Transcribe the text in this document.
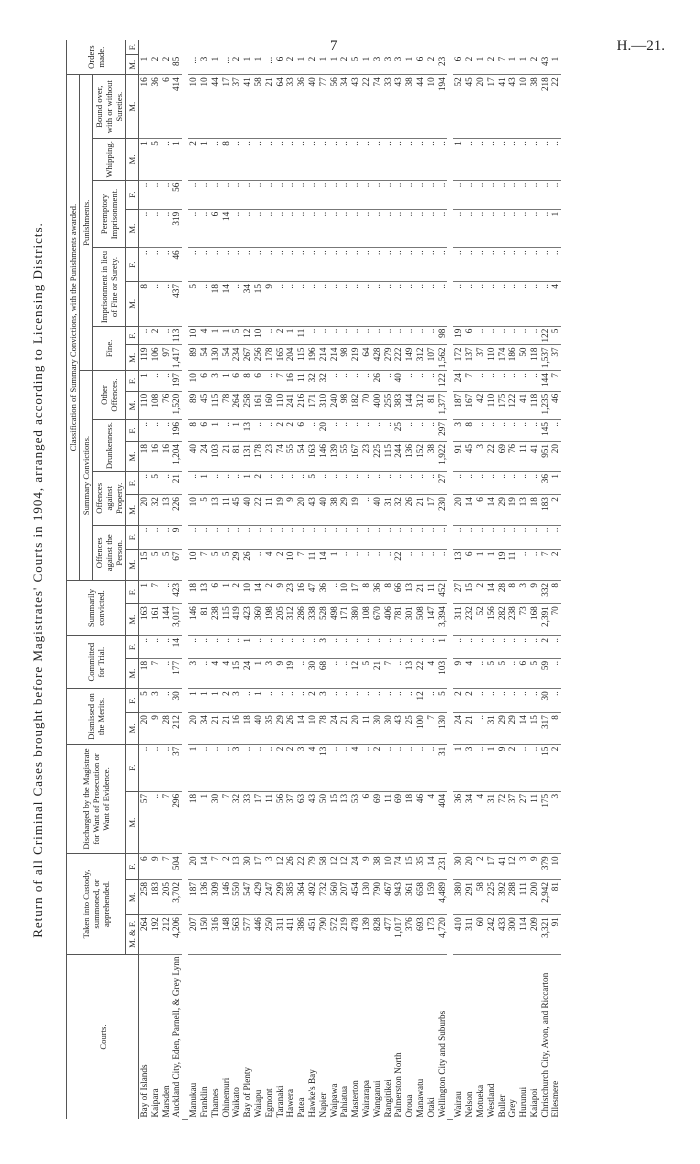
7	H.—21.
Return of all Criminal Cases brought before Magistrates' Courts in 1904, arranged according to Licensing Districts.
Courts.	Taken into Custody, summoned, or apprehended.			Discharged by the Magistrate for Want of Prosecution or Want of Evidence.		Dismissed on the Merits.		Committed for Trial.		Summarily convicted.		Classification of Summary Convictions, with the Punishments awarded.																Orders made.	
												Summary Convictions.								Punishments.									
												Offences against the Person.		Offences against Property.		Drunkenness.		Other Offences.		Fine.		Imprisonment in lieu of Fine or Surety.		Peremptory Imprisonment.		Whipping.	Bound over, with or without Sureties.		
	M. & F.	M.	F.	M.	F.	M.	F.	M.	F.	M.	F.	M.	F.	M.	F.	M.	F.	M.	F.	M.	F.	M.	F.	M.	F.	M.	M.	M.	F.
Bay of Islands	264	258	6	57	..	20	5	18	..	163	1	15	..	20	..	18	..	110	1	119	..	8	..	..	..	1	16	1	
Kaipara	192	183	9	..	..	9	3	7	..	161	7	5	..	32	5	16	..	108	..	106	2	..	..	..	..	5	36	2	
Marsden	212	205	7	7	..	28	..	..	..	144	..	5	..	13	..	16	..	76	..	97	..	..	..	..	..	..	6	2	
Auckland City, Eden, Parnell, & Grey Lynn	4,206	3,702	504	296	37	212	30	177	14	3,017	423	67	9	226	21	1,204	196	1,520	197	1,417	113	437	46	319	56	1	414	85	

Manukau	207	187	20	18	1	20	1	3	..	146	18	10	..	10	..	40	8	89	10	89	10	5	..	..	..	2	10	...	
Franklin	150	136	14	1	..	34	1	..	..	81	13	7	..	5	1	24	6	45	6	54	4	..	..	..	..	1	10	3	
Thames	316	309	7	30	..	21	1	4	..	238	6	5	..	13	..	103	1	115	3	130	1	18	..	6	..	..	44	1	
Ohinemuri	148	146	2	7	..	21	2	4	..	115	1	5	..	11	..	21	..	78	1	54	1	14	..	14	..	8	17	...	
Waikato	563	550	13	32	3	16	3	15	..	419	2	29	..	45	..	81	1	264	6	234	5	..	..	..	..	..	37	2	
Bay of Plenty	577	547	30	33	..	18	..	24	1	423	10	26	..	40	1	131	13	258	8	267	12	34	..	..	..	..	41	1	
Waiapu	446	429	17	17	..	40	1	1	..	360	14	..	..	22	2	178	..	161	6	256	10	15	..	..	..	..	58	1	
Egmont	250	247	3	11	..	35	..	3	..	198	2	4	..	11	..	23	..	160	..	178	..	9	..	..	..	..	21	...	
Taranaki	311	299	12	56	2	29	..	9	..	205	9	2	..	19	..	74	2	110	7	165	2	..	..	..	..	..	64	6	
Hawera	411	385	26	37	2	26	..	19	..	312	23	10	..	9	..	55	2	241	16	204	1	..	..	..	..	..	33	2	
Patea	386	364	22	63	3	14	..	..	..	286	16	7	..	20	..	54	6	216	11	115	11	..	..	..	..	..	36	1	
Hawke's Bay	451	492	79	43	4	10	2	30	..	338	47	11	..	43	5	163	..	171	32	196	..	..	..	..	..	..	40	2	
Napier	790	732	58	50	13	78	3	68	3	528	36	14	..	40	..	146	20	310	32	214	..	..	..	..	..	..	77	1	
Waipawa	572	560	12	15	..	24	..	..	..	498	..	1	..	38	..	139	..	240	..	214	..	..	..	..	..	..	56	1	
Pahiatua	219	207	12	13	..	21	..	..	..	171	10	..	..	29	..	55	..	98	..	98	..	..	..	..	..	..	34	2	
Masterton	478	454	24	53	4	20	..	12	..	380	17	..	..	19	..	167	..	182	..	219	..	..	..	..	..	..	43	5	
Wairarapa	139	130	9	6	..	11	..	5	..	108	8	..	..	..	..	23	..	70	..	64	..	..	..	..	..	..	22	1	
Wanganui	828	790	38	69	2	30	..	21	..	670	36	..	..	40	..	225	..	400	26	428	..	..	..	..	..	..	74	3	
Rangitikei	477	467	10	11	..	30	..	7	..	406	8	..	..	31	..	115	..	255	..	279	..	..	..	..	..	..	33	3	
Palmerston North	1,017	943	74	69	..	43	..	..	..	781	66	22	..	32	..	244	25	383	40	222	..	..	..	..	..	..	43	3	
Oroua	376	361	15	18	..	25	..	13	..	301	13	..	..	26	..	136	..	144	..	149	..	..	..	..	..	..	38	1	
Manawatu	693	658	35	46	..	100	12	22	..	508	21	..	..	21	..	152	..	312	..	312	..	..	..	..	..	..	44	6	
Otaki	173	159	14	4	..	7	..	4	..	147	11	..	..	17	..	38	..	81	..	107	..	..	..	..	..	..	10	2	
Wellington City and Suburbs	4,720	4,489	231	404	31	130	5	103	1	3,394	452	..	..	230	27	1,922	297	1,377	122	1,562	98	..	..	..	..	..	194	23	

Wairau	410	380	30	36	1	24	2	9	..	311	27	13	..	20	..	91	3	187	24	172	19	..	..	..	..	1	52	6	
Nelson	311	291	20	34	3	21	2	4	..	232	15	6	..	14	..	45	8	167	7	137	6	..	..	..	..	..	45	2	
Motueka	60	58	2	4	..	..	..	..	..	52	2	1	..	6	..	3	..	42	..	37	..	..	..	..	..	..	20	1	
Westland	242	225	17	31	1	31	..	5	..	156	14	1	..	14	..	22	..	110	..	110	..	..	..	..	..	..	17	2	
Buller	433	392	41	72	9	29	..	5	..	282	28	19	..	29	..	69	..	175	..	174	..	..	..	..	..	..	41	7	
Grey	300	288	12	37	2	29	..	..	..	238	8	11	..	19	..	76	..	122	..	186	..	..	..	..	..	..	43	1	
Hurunui	114	111	3	27	..	14	..	6	..	73	3	..	..	13	..	11	..	41	..	50	..	..	..	..	..	..	10	1	
Kaiapoi	209	200	9	11	..	15	..	5	..	168	9	..	..	18	..	41	..	118	..	118	..	..	..	..	..	..	38	2	
Christchurch City, Avon, and Riccarton	3,321	2,942	379	175	15	317	30	59	2	2,391	332	7	..	183	36	951	145	1,235	144	1,537	122	..	..	..	..	..	218	43	
Ellesmere	91	81	10	3	2	8	..	..	..	70	8	2	..	2	1	20	..	46	7	37	5	4	..	1	..	..	22	1	
